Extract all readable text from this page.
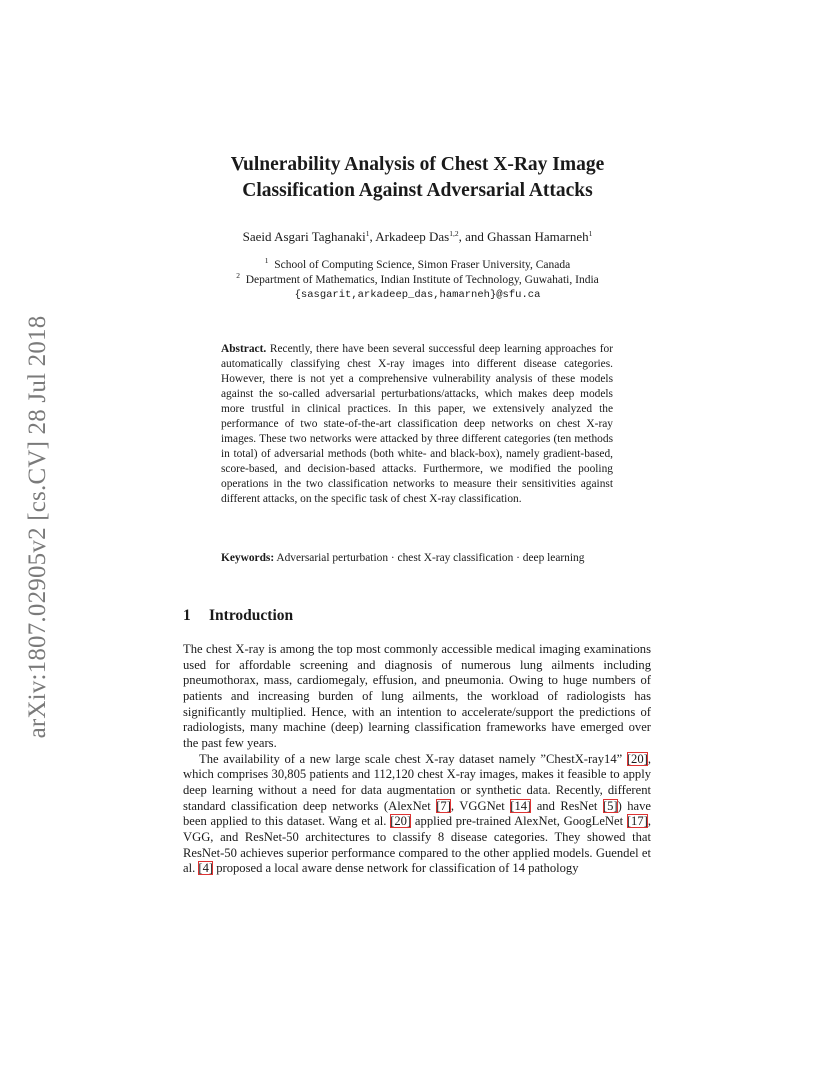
arXiv:1807.02905v2 [cs.CV] 28 Jul 2018
Vulnerability Analysis of Chest X-Ray Image
Classification Against Adversarial Attacks
Saeid Asgari Taghanaki$^1$, Arkadeep Das$^{1,2}$, and Ghassan Hamarneh$^1$
$^1$ School of Computing Science, Simon Fraser University, Canada
$^2$ Department of Mathematics, Indian Institute of Technology, Guwahati, India
{sasgarit,arkadeep_das,hamarneh}@sfu.ca
Abstract. Recently, there have been several successful deep learning approaches for automatically classifying chest X-ray images into different disease categories. However, there is not yet a comprehensive vulnerability analysis of these models against the so-called adversarial perturbations/attacks, which makes deep models more trustful in clinical practices. In this paper, we extensively analyzed the performance of two state-of-the-art classification deep networks on chest X-ray images. These two networks were attacked by three different categories (ten methods in total) of adversarial methods (both white- and black-box), namely gradient-based, score-based, and decision-based attacks. Furthermore, we modified the pooling operations in the two classification networks to measure their sensitivities against different attacks, on the specific task of chest X-ray classification.
Keywords: Adversarial perturbation · chest X-ray classification · deep learning
1 Introduction

The chest X-ray is among the top most commonly accessible medical imaging examinations used for affordable screening and diagnosis of numerous lung ailments including pneumothorax, mass, cardiomegaly, effusion, and pneumonia. Owing to huge numbers of patients and increasing burden of lung ailments, the workload of radiologists has significantly multiplied. Hence, with an intention to accelerate/support the predictions of radiologists, many machine (deep) learning classification frameworks have emerged over the past few years.

The availability of a new large scale chest X-ray dataset namely ”ChestX-ray14” [20], which comprises 30,805 patients and 112,120 chest X-ray images, makes it feasible to apply deep learning without a need for data augmentation or synthetic data. Recently, different standard classification deep networks (AlexNet [7], VGGNet [14] and ResNet [5]) have been applied to this dataset. Wang et al. [20] applied pre-trained AlexNet, GoogLeNet [17], VGG, and ResNet-50 architectures to classify 8 disease categories. They showed that ResNet-50 achieves superior performance compared to the other applied models. Guendel et al. [4] proposed a local aware dense network for classification of 14 pathology
